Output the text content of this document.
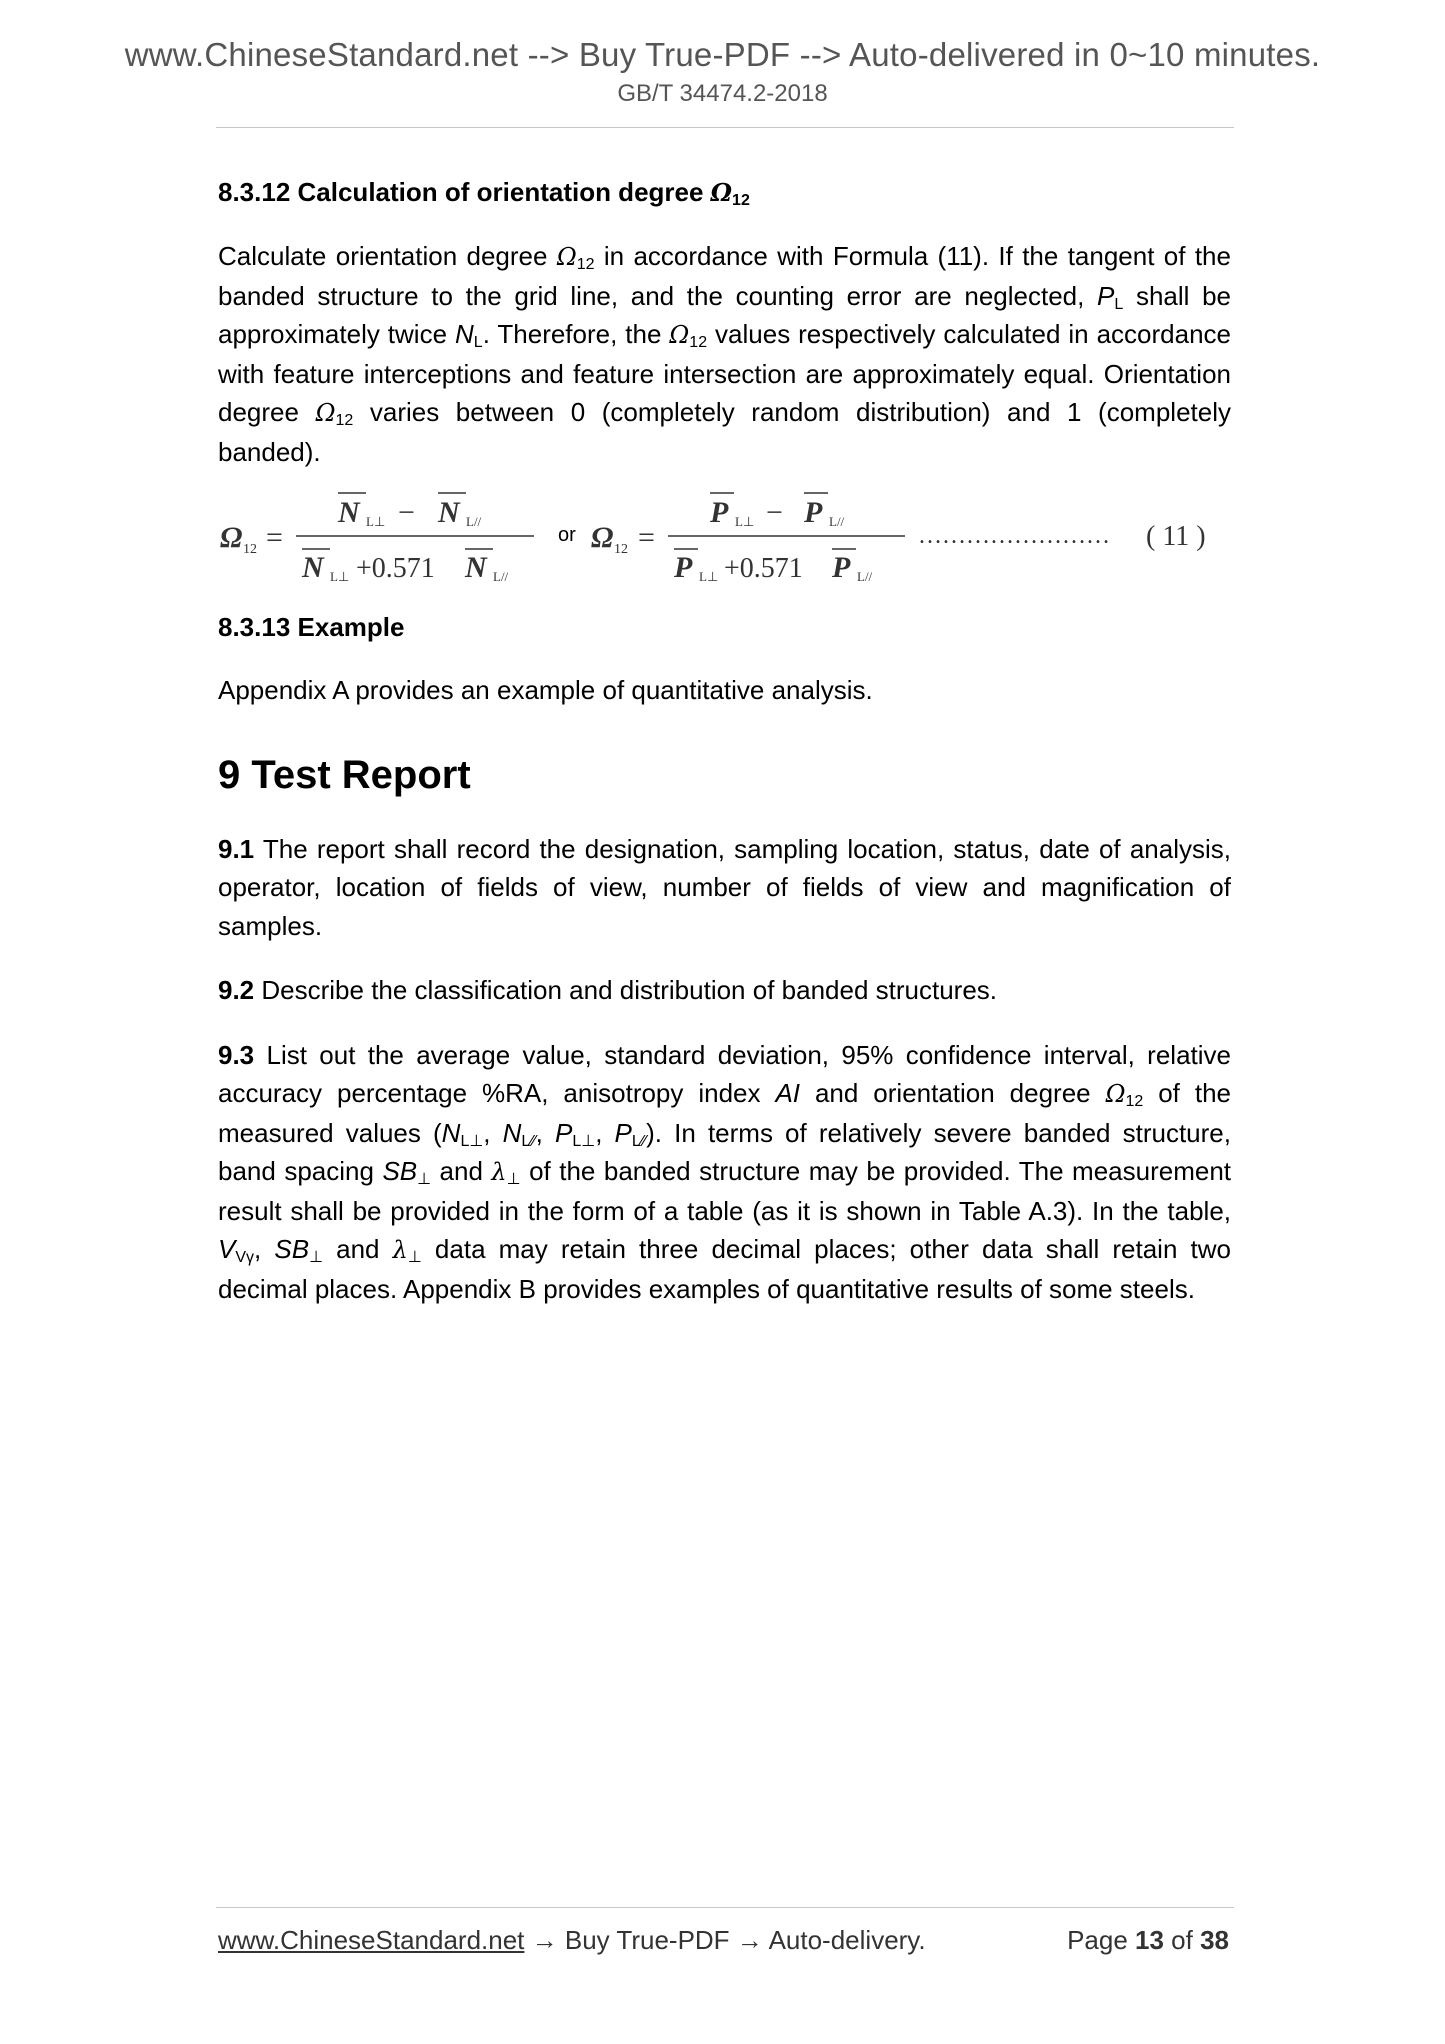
www.ChineseStandard.net --> Buy True-PDF --> Auto-delivered in 0~10 minutes.
GB/T 34474.2-2018

8.3.12 Calculation of orientation degree $\Omega_{12}$

Calculate orientation degree $\Omega_{12}$ in accordance with Formula (11). If the tangent of the banded structure to the grid line, and the counting error are neglected, $P_L$ shall be approximately twice $N_L$. Therefore, the $\Omega_{12}$ values respectively calculated in accordance with feature interceptions and feature intersection are approximately equal. Orientation degree $\Omega_{12}$ varies between 0 (completely random distribution) and 1 (completely banded).

Ω 12 =
N L⊥ − N L//
N L⊥ +0.571 N L//
or Ω 12 =
P L⊥ − P L//
P L⊥ +0.571 P L//
…………………… ( 11 )

8.3.13 Example

Appendix A provides an example of quantitative analysis.

9 Test Report

9.1 The report shall record the designation, sampling location, status, date of analysis, operator, location of fields of view, number of fields of view and magnification of samples.

9.2 Describe the classification and distribution of banded structures.

9.3 List out the average value, standard deviation, 95% confidence interval, relative accuracy percentage %RA, anisotropy index AI and orientation degree $\Omega_{12}$ of the measured values ($N_{L\perp}$, $N_{L∕∕}$, $P_{L\perp}$, $P_{L∕∕}$). In terms of relatively severe banded structure, band spacing $SB_\perp$ and $\lambda_\perp$ of the banded structure may be provided. The measurement result shall be provided in the form of a table (as it is shown in Table A.3). In the table, $V_{V\gamma}$, $SB_\perp$ and $\lambda_\perp$ data may retain three decimal places; other data shall retain two decimal places. Appendix B provides examples of quantitative results of some steels.

www.ChineseStandard.net → Buy True-PDF → Auto-delivery.	Page 13 of 38
